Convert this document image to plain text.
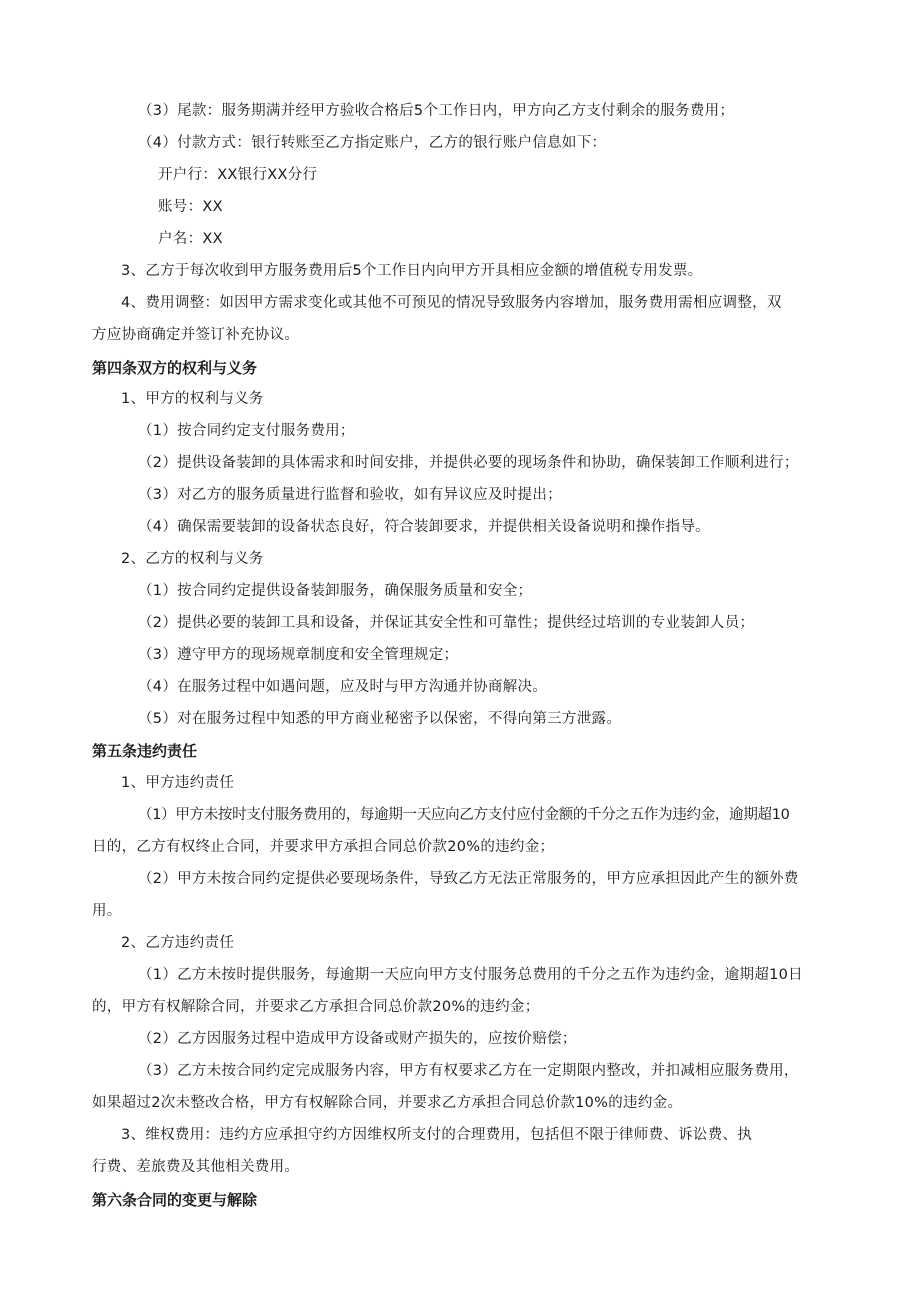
（3）尾款：服务期满并经甲方验收合格后5个工作日内，甲方向乙方支付剩余的服务费用；
（4）付款方式：银行转账至乙方指定账户，乙方的银行账户信息如下：
开户行：XX银行XX分行
账号：XX
户名：XX
3、乙方于每次收到甲方服务费用后5个工作日内向甲方开具相应金额的增值税专用发票。
4、费用调整：如因甲方需求变化或其他不可预见的情况导致服务内容增加，服务费用需相应调整，双
方应协商确定并签订补充协议。
第四条双方的权利与义务
1、甲方的权利与义务
（1）按合同约定支付服务费用；
（2）提供设备装卸的具体需求和时间安排，并提供必要的现场条件和协助，确保装卸工作顺利进行；
（3）对乙方的服务质量进行监督和验收，如有异议应及时提出；
（4）确保需要装卸的设备状态良好，符合装卸要求，并提供相关设备说明和操作指导。
2、乙方的权利与义务
（1）按合同约定提供设备装卸服务，确保服务质量和安全；
（2）提供必要的装卸工具和设备，并保证其安全性和可靠性；提供经过培训的专业装卸人员；
（3）遵守甲方的现场规章制度和安全管理规定；
（4）在服务过程中如遇问题，应及时与甲方沟通并协商解决。
（5）对在服务过程中知悉的甲方商业秘密予以保密，不得向第三方泄露。
第五条违约责任
1、甲方违约责任
（1）甲方未按时支付服务费用的，每逾期一天应向乙方支付应付金额的千分之五作为违约金，逾期超10
日的，乙方有权终止合同，并要求甲方承担合同总价款20%的违约金；
（2）甲方未按合同约定提供必要现场条件，导致乙方无法正常服务的，甲方应承担因此产生的额外费
用。
2、乙方违约责任
（1）乙方未按时提供服务，每逾期一天应向甲方支付服务总费用的千分之五作为违约金，逾期超10日
的，甲方有权解除合同，并要求乙方承担合同总价款20%的违约金；
（2）乙方因服务过程中造成甲方设备或财产损失的，应按价赔偿；
（3）乙方未按合同约定完成服务内容，甲方有权要求乙方在一定期限内整改，并扣减相应服务费用，
如果超过2次未整改合格，甲方有权解除合同，并要求乙方承担合同总价款10%的违约金。
3、维权费用：违约方应承担守约方因维权所支付的合理费用，包括但不限于律师费、诉讼费、执
行费、差旅费及其他相关费用。
第六条合同的变更与解除
